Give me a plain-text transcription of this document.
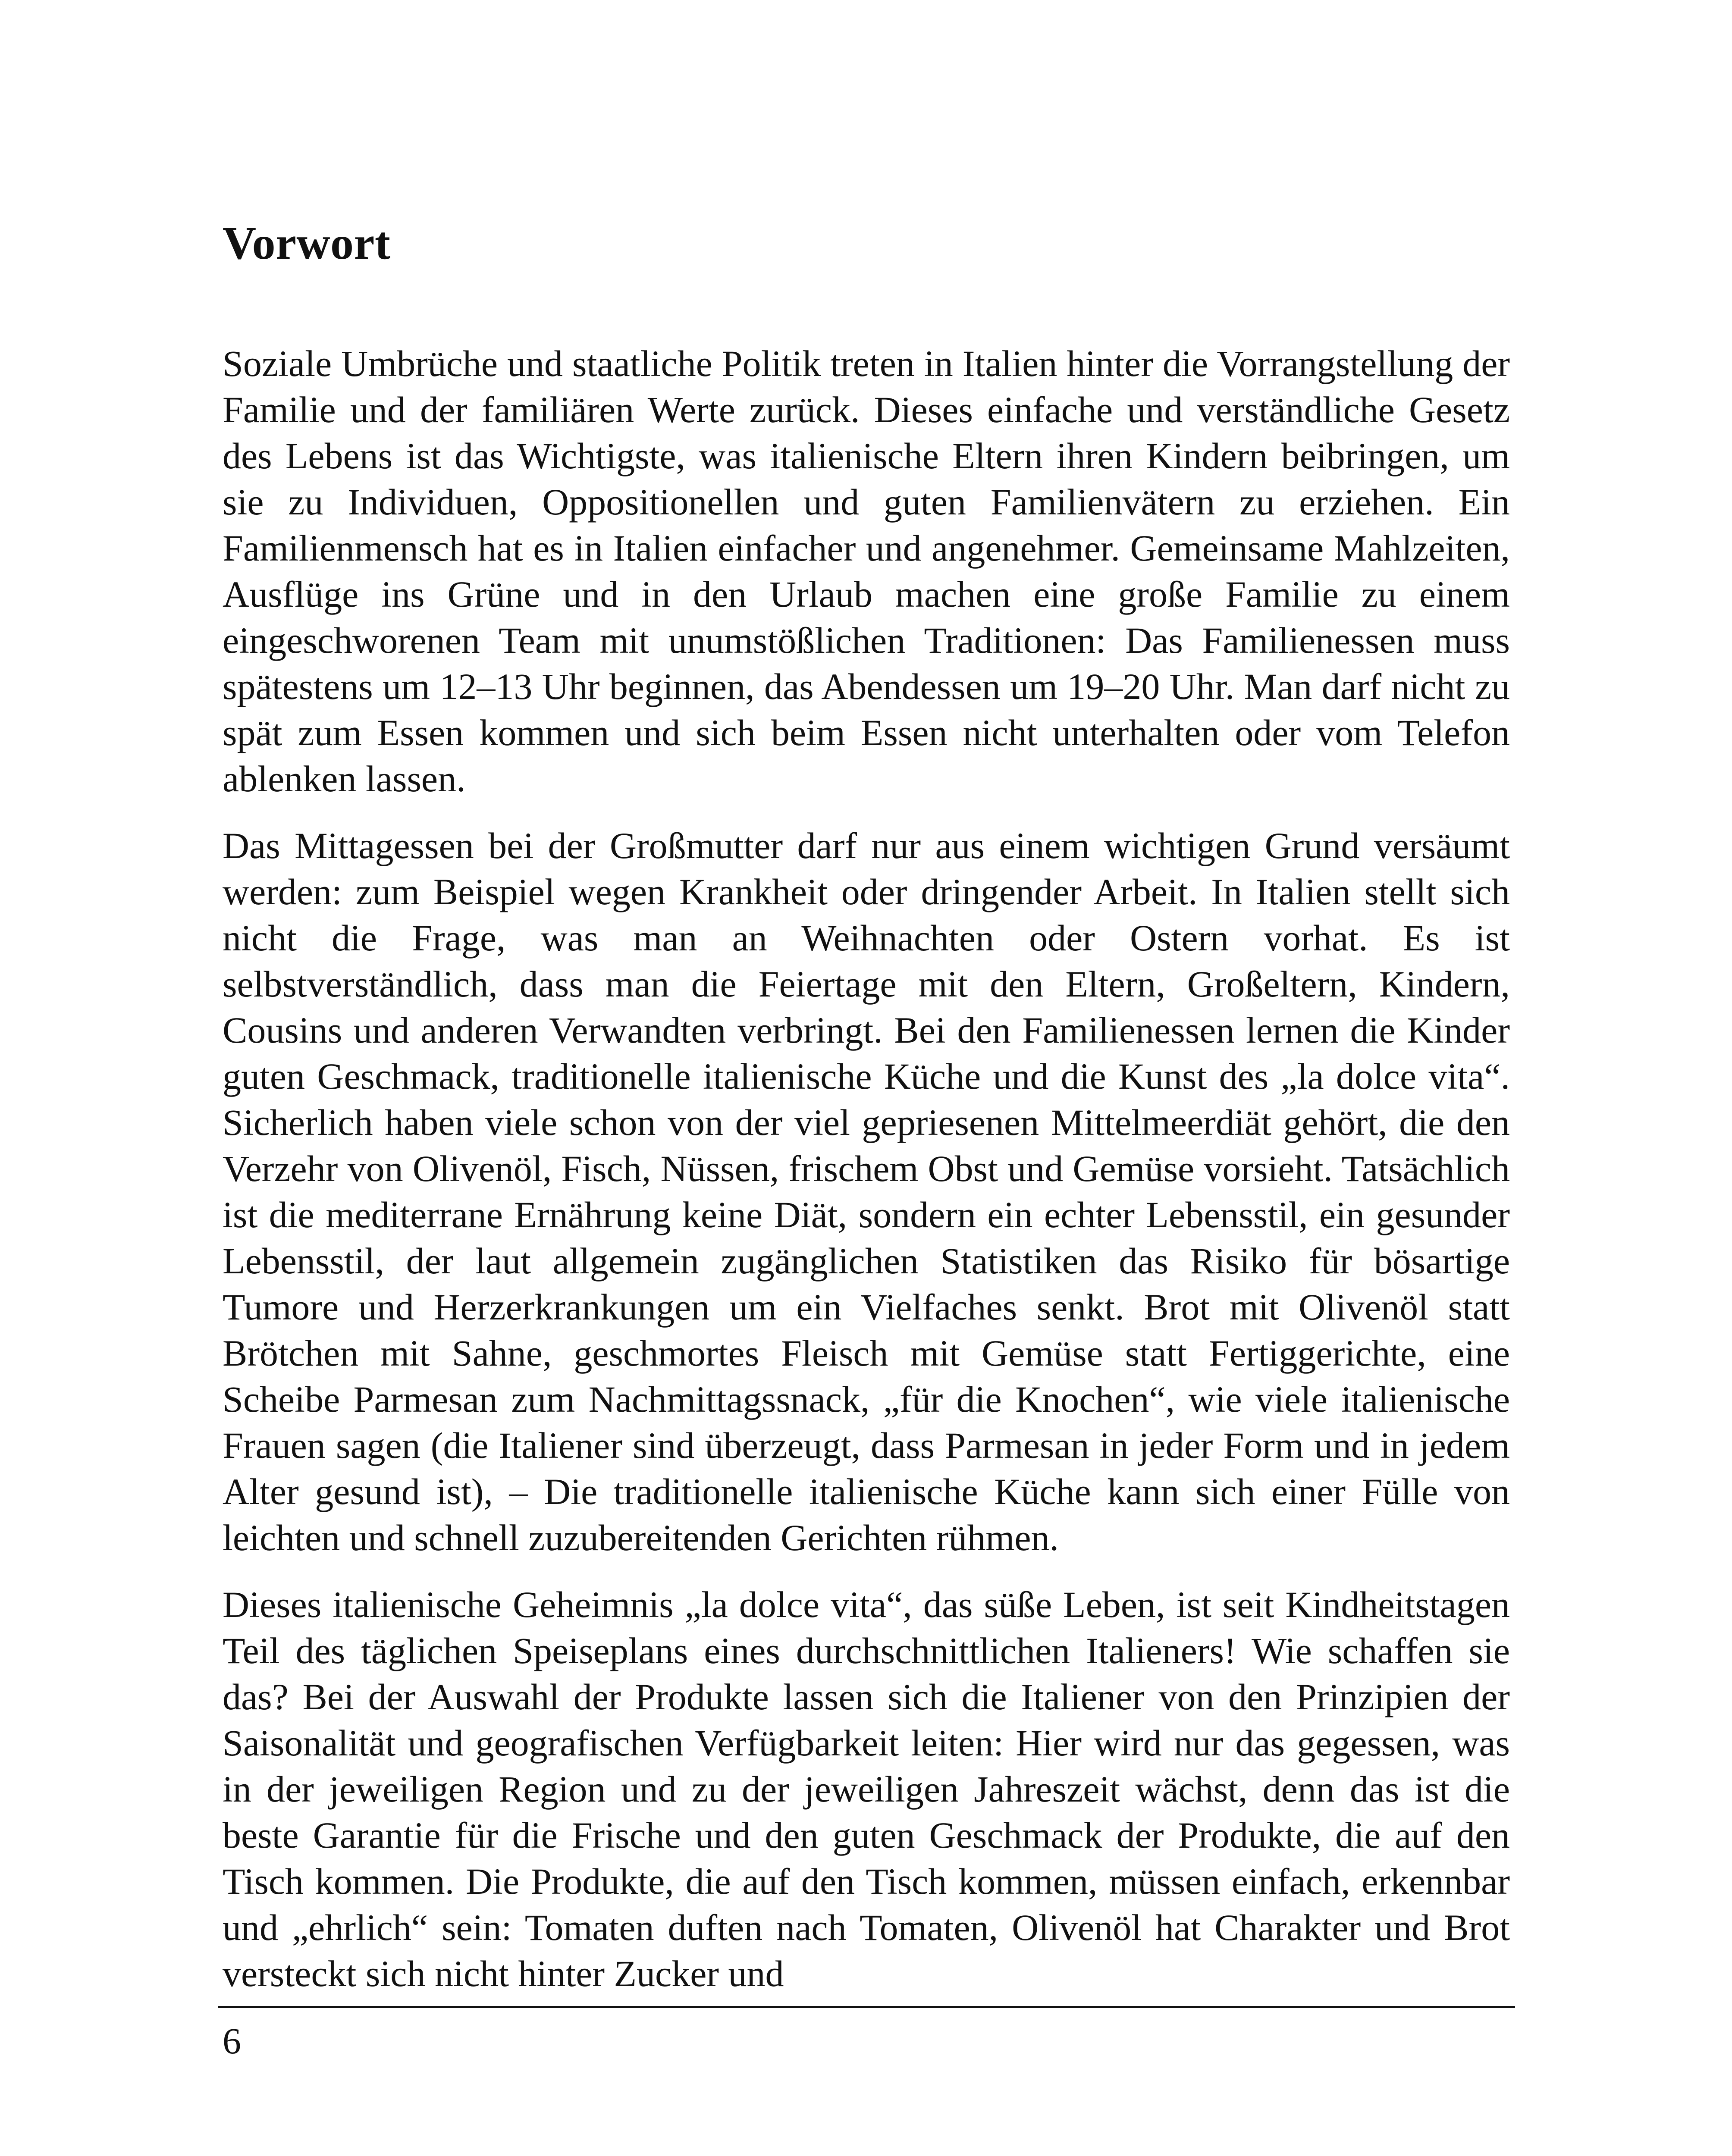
Vorwort

Soziale Umbrüche und staatliche Politik treten in Italien hinter die Vorrangstellung der Familie und der familiären Werte zurück. Dieses einfache und verständliche Gesetz des Lebens ist das Wichtigste, was italienische Eltern ihren Kindern beibringen, um sie zu Individuen, Oppositionellen und guten Familienvätern zu erziehen. Ein Familienmensch hat es in Italien einfacher und angenehmer. Gemeinsame Mahlzeiten, Ausflüge ins Grüne und in den Urlaub machen eine große Familie zu einem eingeschworenen Team mit unumstößlichen Traditionen: Das Familienessen muss spätestens um 12–13 Uhr beginnen, das Abendessen um 19–20 Uhr. Man darf nicht zu spät zum Essen kommen und sich beim Essen nicht unterhalten oder vom Telefon ablenken lassen.

Das Mittagessen bei der Großmutter darf nur aus einem wichtigen Grund versäumt werden: zum Beispiel wegen Krankheit oder dringender Arbeit. In Italien stellt sich nicht die Frage, was man an Weihnachten oder Ostern vorhat. Es ist selbstverständlich, dass man die Feiertage mit den Eltern, Großeltern, Kindern, Cousins und anderen Verwandten verbringt. Bei den Familienessen lernen die Kinder guten Geschmack, traditionelle italienische Küche und die Kunst des „la dolce vita“. Sicherlich haben viele schon von der viel gepriesenen Mittelmeerdiät gehört, die den Verzehr von Olivenöl, Fisch, Nüssen, frischem Obst und Gemüse vorsieht. Tatsächlich ist die mediterrane Ernährung keine Diät, sondern ein echter Lebensstil, ein gesunder Lebensstil, der laut allgemein zugänglichen Statistiken das Risiko für bösartige Tumore und Herzerkrankungen um ein Vielfaches senkt. Brot mit Olivenöl statt Brötchen mit Sahne, geschmortes Fleisch mit Gemüse statt Fertiggerichte, eine Scheibe Parmesan zum Nachmittagssnack, „für die Knochen“, wie viele italienische Frauen sagen (die Italiener sind überzeugt, dass Parmesan in jeder Form und in jedem Alter gesund ist), – Die traditionelle italienische Küche kann sich einer Fülle von leichten und schnell zuzubereitenden Gerichten rühmen.

Dieses italienische Geheimnis „la dolce vita“, das süße Leben, ist seit Kindheitstagen Teil des täglichen Speiseplans eines durchschnittlichen Italieners! Wie schaffen sie das? Bei der Auswahl der Produkte lassen sich die Italiener von den Prinzipien der Saisonalität und geografischen Verfügbarkeit leiten: Hier wird nur das gegessen, was in der jeweiligen Region und zu der jeweiligen Jahreszeit wächst, denn das ist die beste Garantie für die Frische und den guten Geschmack der Produkte, die auf den Tisch kommen. Die Produkte, die auf den Tisch kommen, müssen einfach, erkennbar und „ehrlich“ sein: Tomaten duften nach Tomaten, Olivenöl hat Charakter und Brot versteckt sich nicht hinter Zucker und

6
